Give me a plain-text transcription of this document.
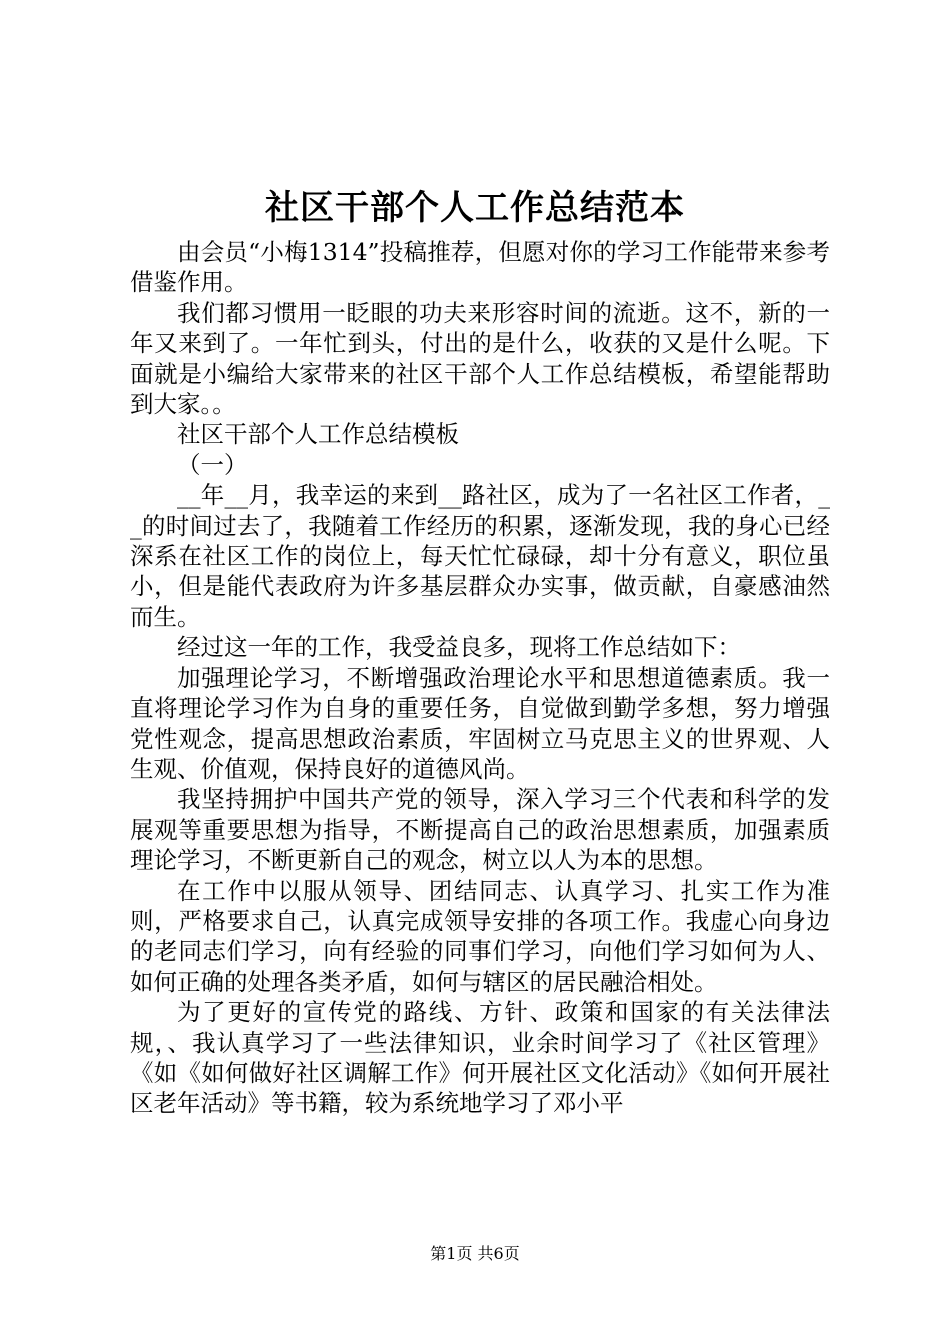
社区干部个人工作总结范本

由会员“小梅1314”投稿推荐，但愿对你的学习工作能带来参考借鉴作用。

我们都习惯用一眨眼的功夫来形容时间的流逝。这不，新的一年又来到了。一年忙到头，付出的是什么，收获的又是什么呢。下面就是小编给大家带来的社区干部个人工作总结模板，希望能帮助到大家。。

社区干部个人工作总结模板

（一）

__年__月，我幸运的来到__路社区，成为了一名社区工作者，__的时间过去了，我随着工作经历的积累，逐渐发现，我的身心已经深系在社区工作的岗位上，每天忙忙碌碌，却十分有意义，职位虽小，但是能代表政府为许多基层群众办实事，做贡献，自豪感油然而生。

经过这一年的工作，我受益良多，现将工作总结如下：

加强理论学习，不断增强政治理论水平和思想道德素质。我一直将理论学习作为自身的重要任务，自觉做到勤学多想，努力增强党性观念，提高思想政治素质，牢固树立马克思主义的世界观、人生观、价值观，保持良好的道德风尚。

我坚持拥护中国共产党的领导，深入学习三个代表和科学的发展观等重要思想为指导，不断提高自己的政治思想素质，加强素质理论学习，不断更新自己的观念，树立以人为本的思想。

在工作中以服从领导、团结同志、认真学习、扎实工作为准则，严格要求自己，认真完成领导安排的各项工作。我虚心向身边的老同志们学习，向有经验的同事们学习，向他们学习如何为人、如何正确的处理各类矛盾，如何与辖区的居民融洽相处。

为了更好的宣传党的路线、方针、政策和国家的有关法律法规，、我认真学习了一些法律知识，业余时间学习了《社区管理》《如《如何做好社区调解工作》何开展社区文化活动》《如何开展社区老年活动》等书籍，较为系统地学习了邓小平

第1页 共6页
